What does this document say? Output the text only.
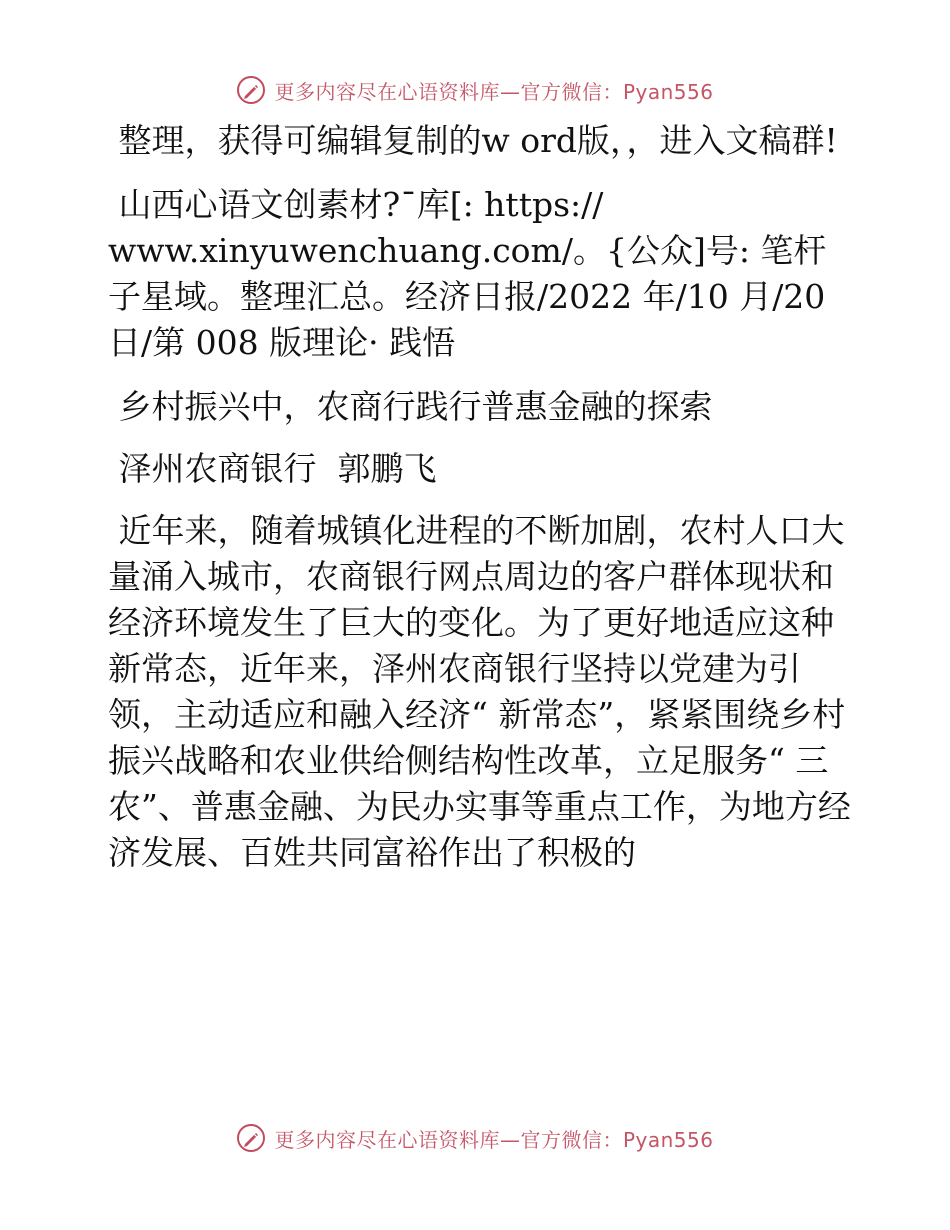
更多内容尽在心语资料库—官方微信：Pyan556

整理，获得可编辑复制的w ord版，，进入文稿群!

山西心语文创素材?¯库[: https://
www.xinyuwenchuang.com/。{公众]号: 笔杆子星域。整理汇总。经济日报/2022 年/10 月/20
日/第 008 版理论· 践悟

乡村振兴中，农商行践行普惠金融的探索

泽州农商银行  郭鹏飞

近年来，随着城镇化进程的不断加剧，农村人口大量涌入城市，农商银行网点周边的客户群体现状和经济环境发生了巨大的变化。为了更好地适应这种新常态，近年来，泽州农商银行坚持以党建为引领，主动适应和融入经济“ 新常态”，紧紧围绕乡村振兴战略和农业供给侧结构性改革，立足服务“ 三农”、普惠金融、为民办实事等重点工作，为地方经济发展、百姓共同富裕作出了积极的

更多内容尽在心语资料库—官方微信：Pyan556
